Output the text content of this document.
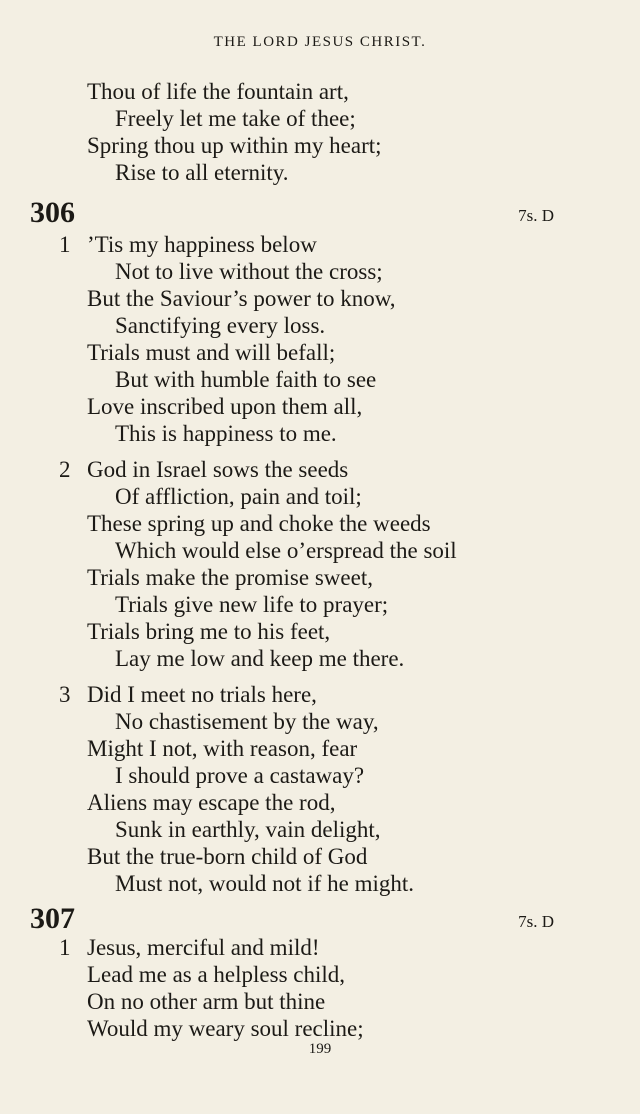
THE LORD JESUS CHRIST.
Thou of life the fountain art,
Freely let me take of thee;
Spring thou up within my heart;
Rise to all eternity.
306	7s. D
1 ’Tis my happiness below
Not to live without the cross;
But the Saviour’s power to know,
Sanctifying every loss.
Trials must and will befall;
But with humble faith to see
Love inscribed upon them all,
This is happiness to me.
2 God in Israel sows the seeds
Of affliction, pain and toil;
These spring up and choke the weeds
Which would else o’erspread the soil
Trials make the promise sweet,
Trials give new life to prayer;
Trials bring me to his feet,
Lay me low and keep me there.
3 Did I meet no trials here,
No chastisement by the way,
Might I not, with reason, fear
I should prove a castaway?
Aliens may escape the rod,
Sunk in earthly, vain delight,
But the true-born child of God
Must not, would not if he might.
307	7s. D
1 Jesus, merciful and mild!
Lead me as a helpless child,
On no other arm but thine
Would my weary soul recline;
199
